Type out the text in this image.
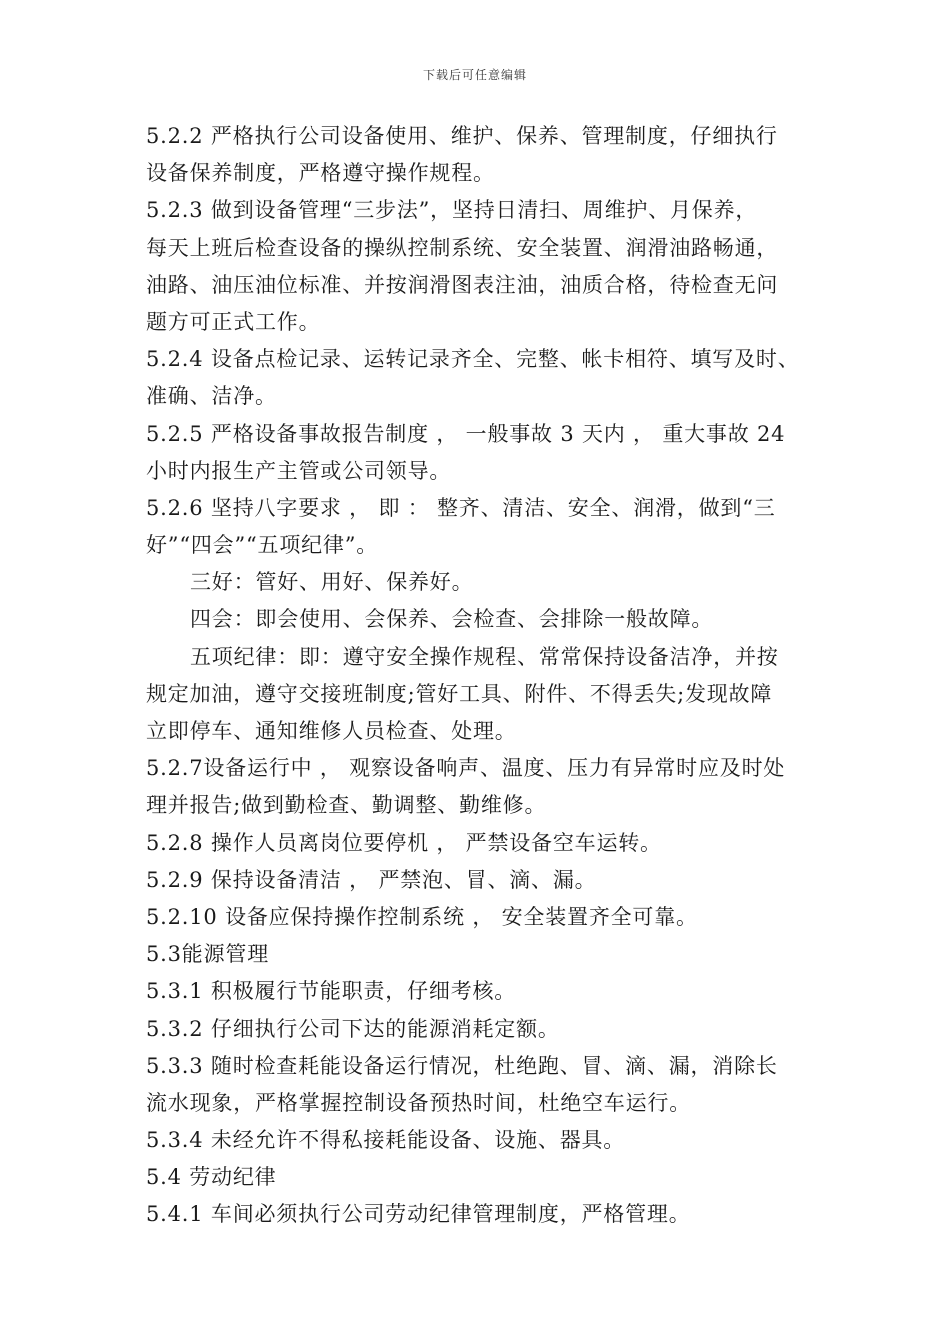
下载后可任意编辑
5.2.2 严格执行公司设备使用、维护、保养、管理制度，仔细执行
设备保养制度，严格遵守操作规程。
5.2.3 做到设备管理“三步法”，坚持日清扫、周维护、月保养，
每天上班后检查设备的操纵控制系统、安全装置、润滑油路畅通，
油路、油压油位标准、并按润滑图表注油，油质合格，待检查无问
题方可正式工作。
5.2.4 设备点检记录、运转记录齐全、完整、帐卡相符、填写及时、
准确、洁净。
5.2.5 严格设备事故报告制度 ， 一般事故 3 天内 ， 重大事故 24
小时内报生产主管或公司领导。
5.2.6 坚持八字要求 ， 即 ： 整齐、清洁、安全、润滑，做到“三
好”“四会”“五项纪律”。
三好：管好、用好、保养好。
四会：即会使用、会保养、会检查、会排除一般故障。
五项纪律：即：遵守安全操作规程、常常保持设备洁净，并按
规定加油，遵守交接班制度;管好工具、附件、不得丢失;发现故障
立即停车、通知维修人员检查、处理。
5.2.7设备运行中 ， 观察设备响声、温度、压力有异常时应及时处
理并报告;做到勤检查、勤调整、勤维修。
5.2.8 操作人员离岗位要停机 ， 严禁设备空车运转。
5.2.9 保持设备清洁 ， 严禁泡、冒、滴、漏。
5.2.10 设备应保持操作控制系统 ， 安全装置齐全可靠。
5.3能源管理
5.3.1 积极履行节能职责，仔细考核。
5.3.2 仔细执行公司下达的能源消耗定额。
5.3.3 随时检查耗能设备运行情况，杜绝跑、冒、滴、漏，消除长
流水现象，严格掌握控制设备预热时间，杜绝空车运行。
5.3.4 未经允许不得私接耗能设备、设施、器具。
5.4 劳动纪律
5.4.1 车间必须执行公司劳动纪律管理制度，严格管理。
